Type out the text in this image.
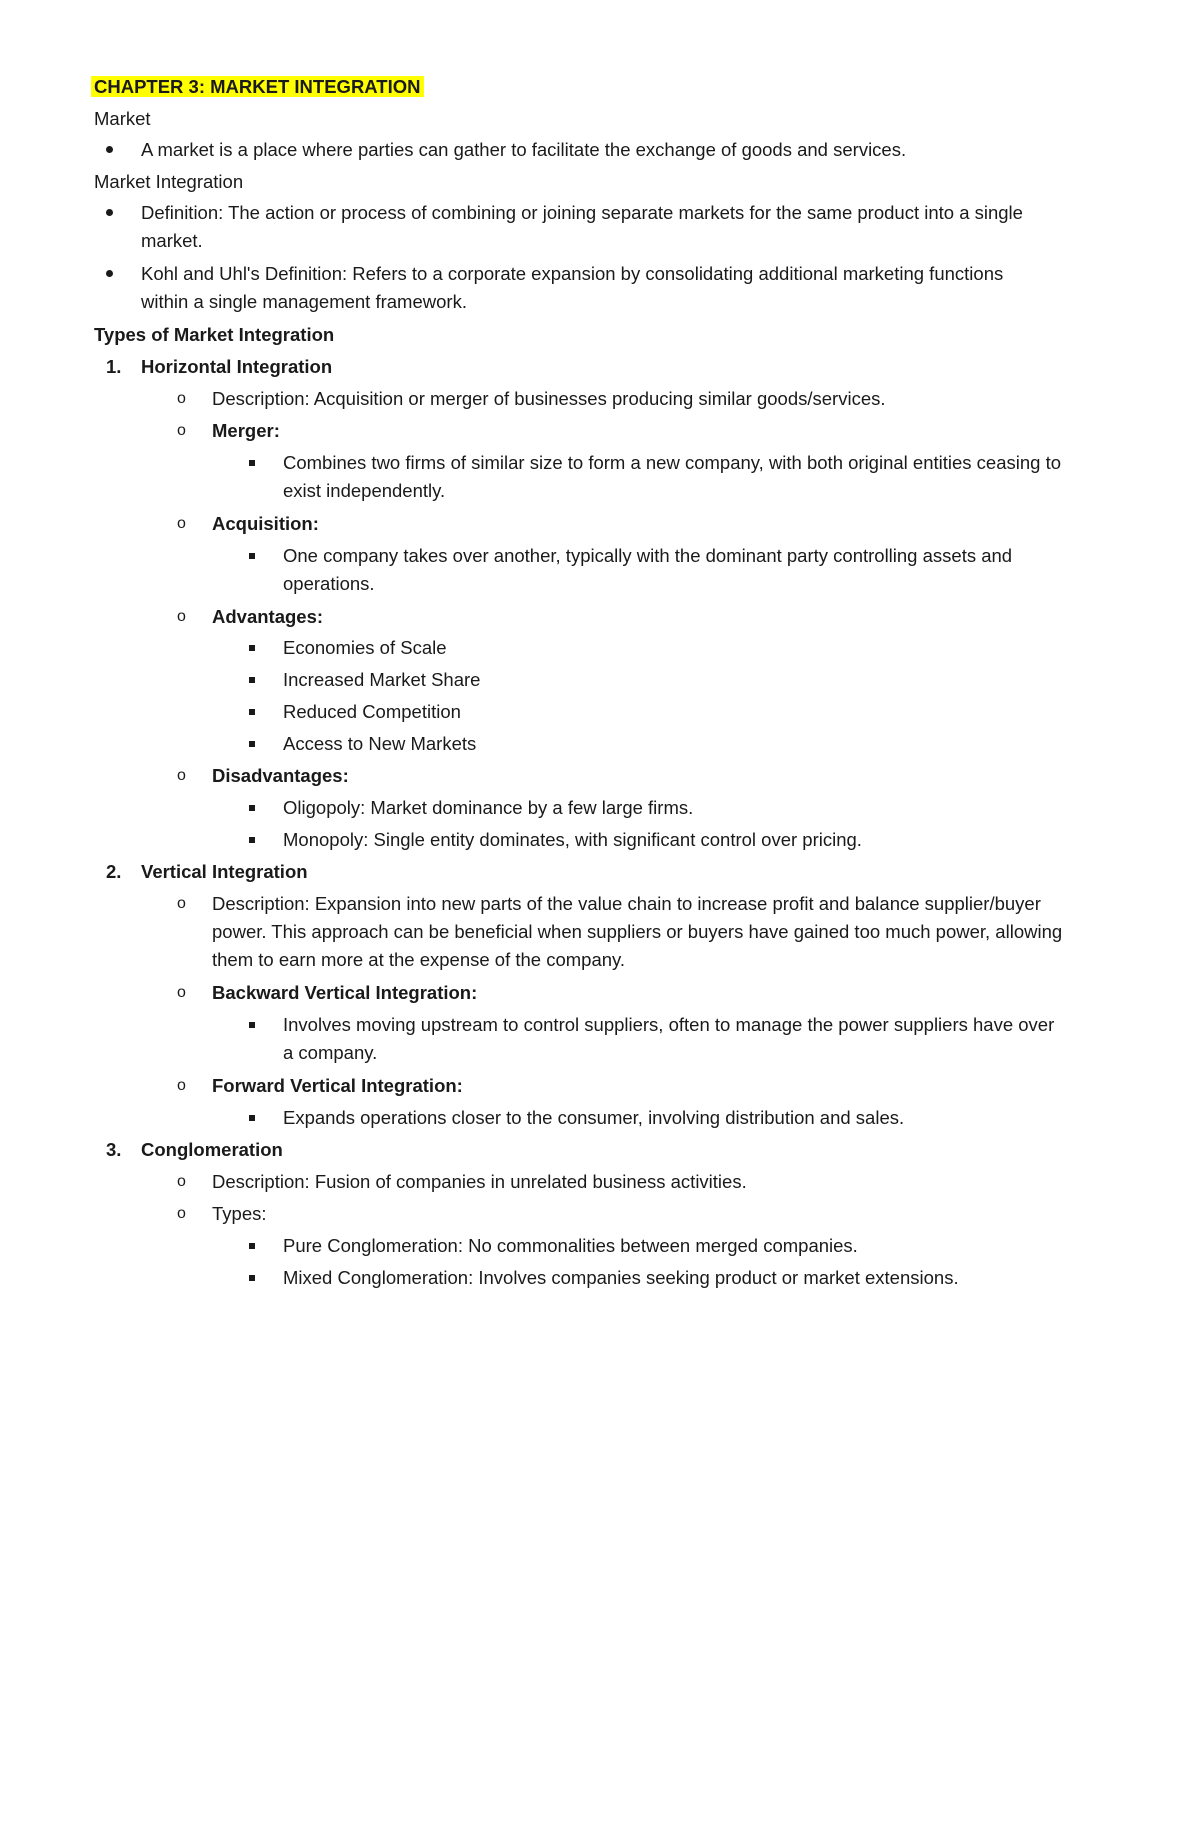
CHAPTER 3: MARKET INTEGRATION
Market
A market is a place where parties can gather to facilitate the exchange of goods and services.
Market Integration
Definition: The action or process of combining or joining separate markets for the same product into a single
market.
Kohl and Uhl's Definition: Refers to a corporate expansion by consolidating additional marketing functions
within a single management framework.
Types of Market Integration
1. Horizontal Integration
o Description: Acquisition or merger of businesses producing similar goods/services.
o Merger:
Combines two firms of similar size to form a new company, with both original entities ceasing to
exist independently.
o Acquisition:
One company takes over another, typically with the dominant party controlling assets and
operations.
o Advantages:
Economies of Scale
Increased Market Share
Reduced Competition
Access to New Markets
o Disadvantages:
Oligopoly: Market dominance by a few large firms.
Monopoly: Single entity dominates, with significant control over pricing.
2. Vertical Integration
o Description: Expansion into new parts of the value chain to increase profit and balance supplier/buyer
power. This approach can be beneficial when suppliers or buyers have gained too much power, allowing
them to earn more at the expense of the company.
o Backward Vertical Integration:
Involves moving upstream to control suppliers, often to manage the power suppliers have over
a company.
o Forward Vertical Integration:
Expands operations closer to the consumer, involving distribution and sales.
3. Conglomeration
o Description: Fusion of companies in unrelated business activities.
o Types:
Pure Conglomeration: No commonalities between merged companies.
Mixed Conglomeration: Involves companies seeking product or market extensions.
